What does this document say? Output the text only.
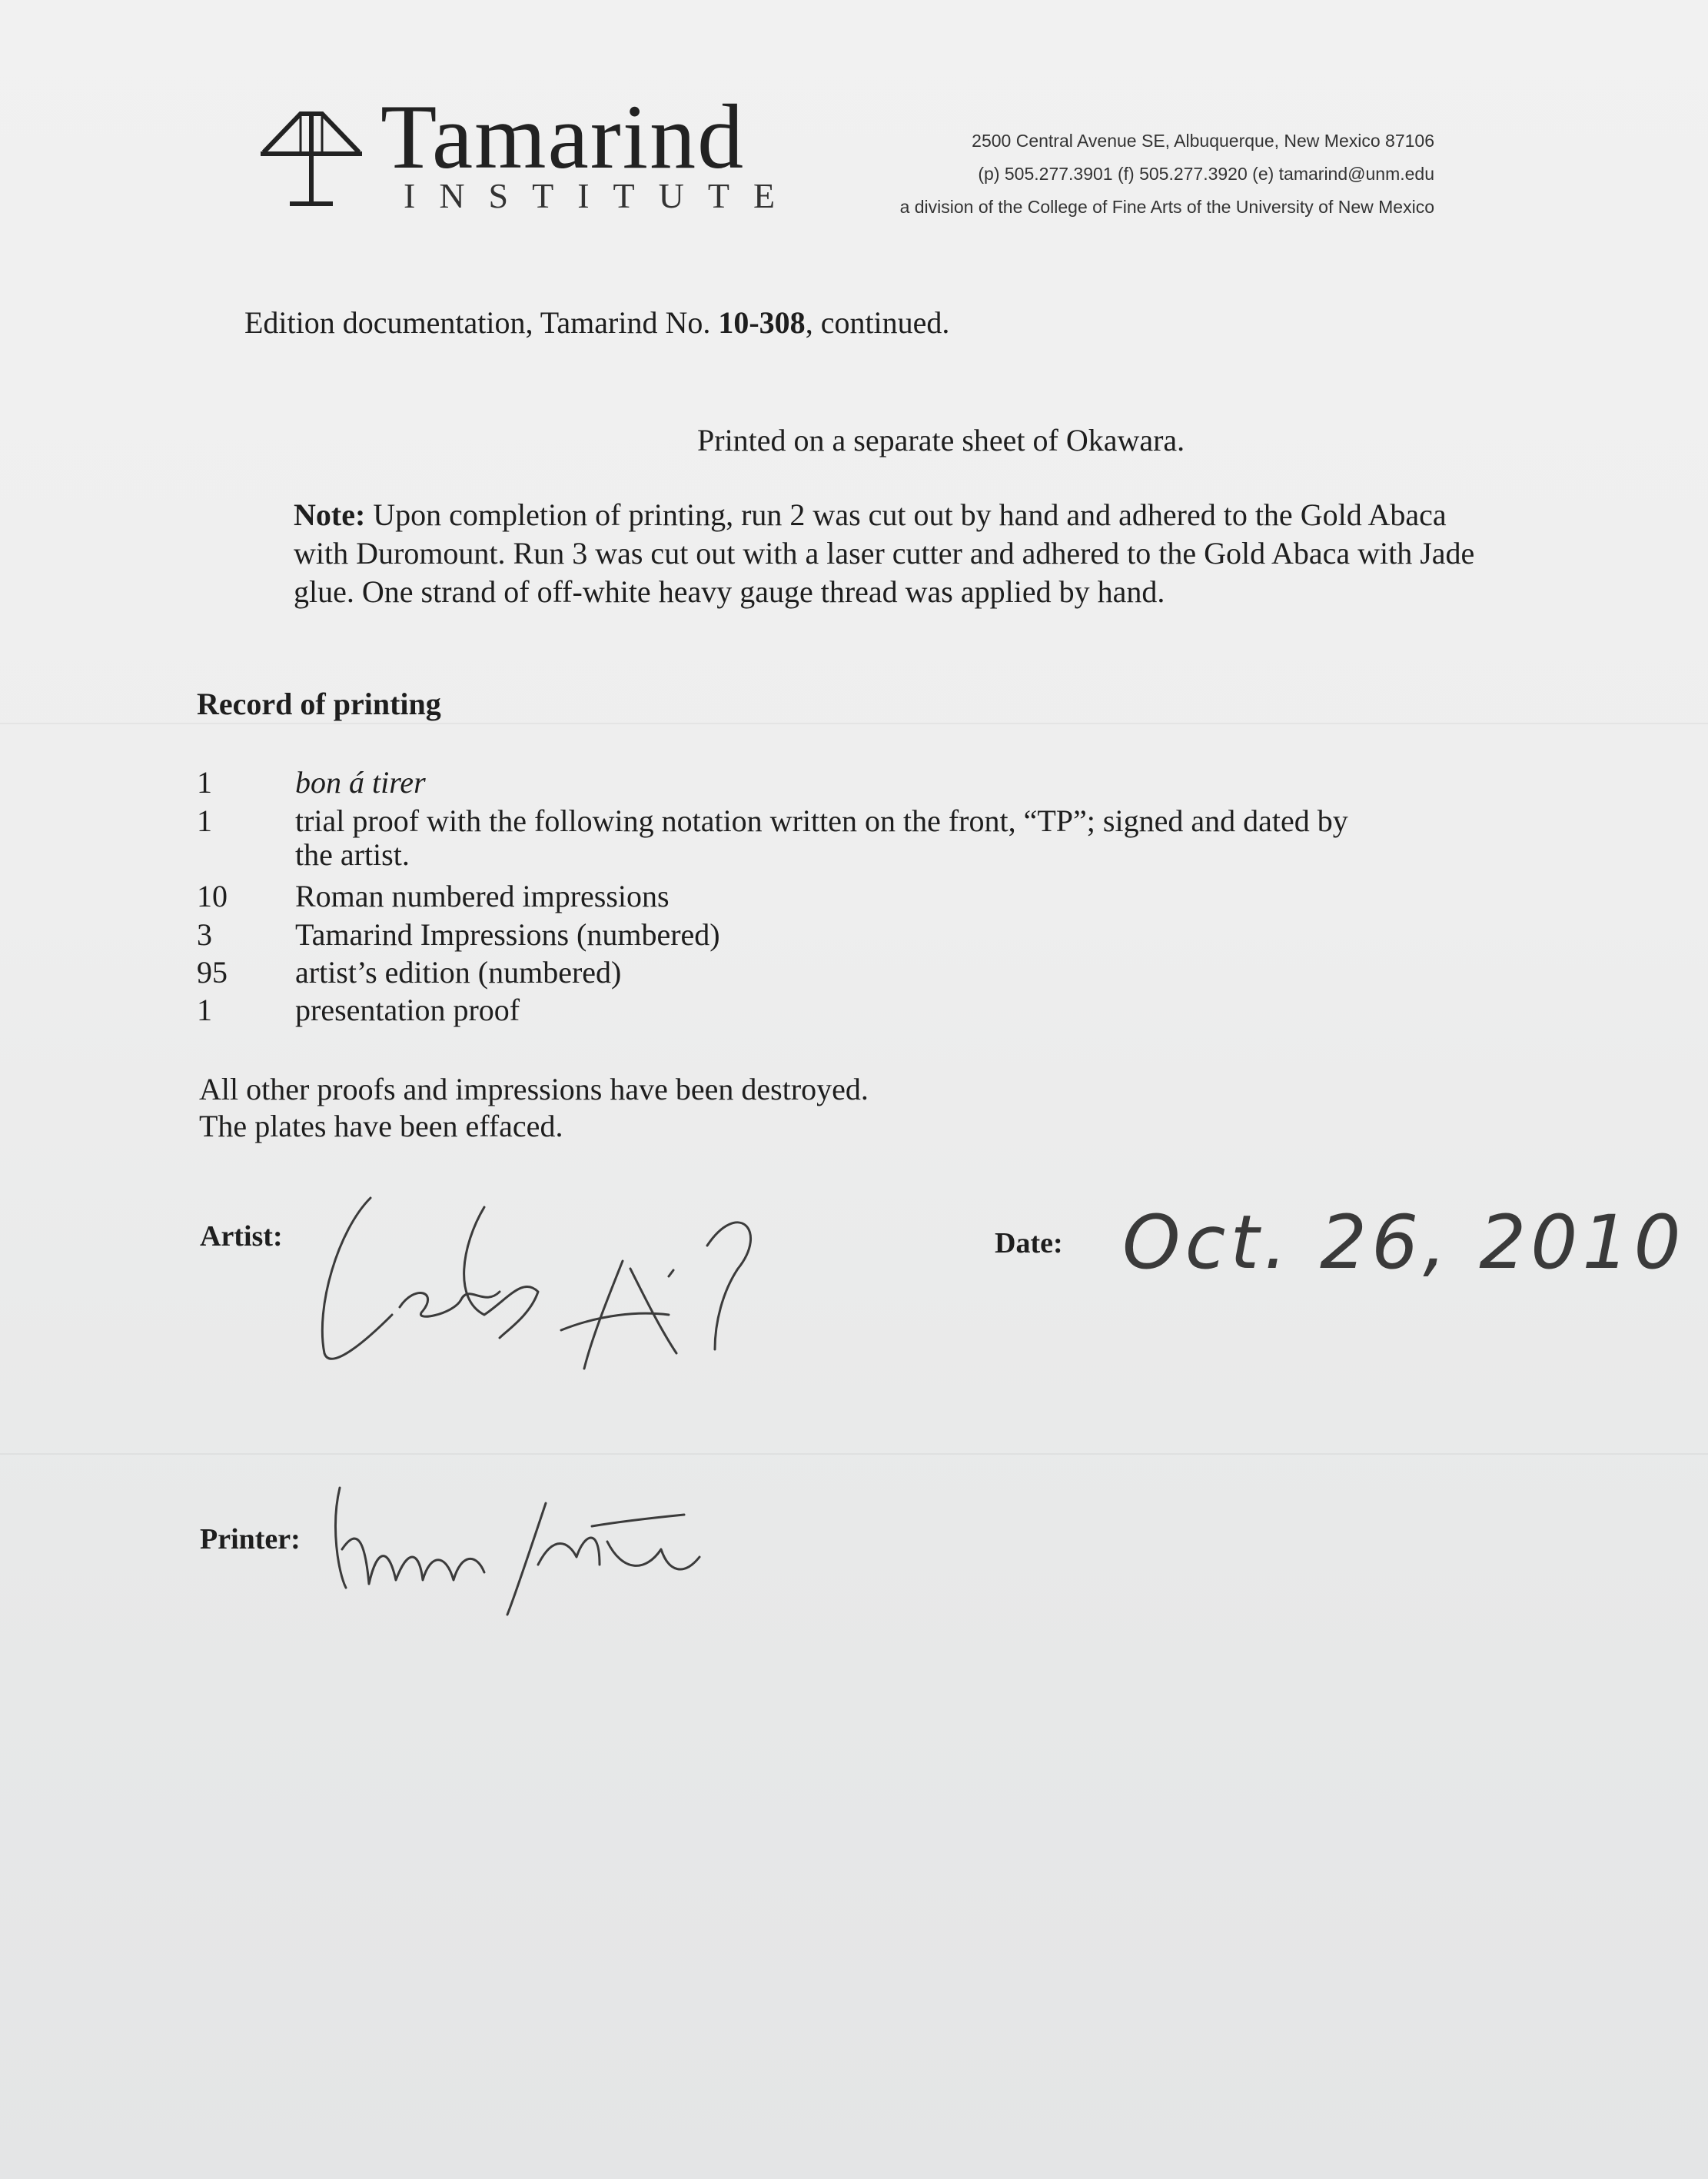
Tamarind
INSTITUTE
2500 Central Avenue SE, Albuquerque, New Mexico 87106
(p) 505.277.3901 (f) 505.277.3920 (e) tamarind@unm.edu
a division of the College of Fine Arts of the University of New Mexico
Edition documentation, Tamarind No. 10-308, continued.
Printed on a separate sheet of Okawara.
Note: Upon completion of printing, run 2 was cut out by hand and adhered to the Gold Abaca with Duromount. Run 3 was cut out with a laser cutter and adhered to the Gold Abaca with Jade glue. One strand of off-white heavy gauge thread was applied by hand.
Record of printing
1	bon á tirer
1	trial proof with the following notation written on the front, “TP”; signed and dated by
the artist.
10	Roman numbered impressions
3	Tamarind Impressions (numbered)
95	artist’s edition (numbered)
1	presentation proof
All other proofs and impressions have been destroyed.
The plates have been effaced.
Artist:	Date: Oct. 26, 2010
Printer:
